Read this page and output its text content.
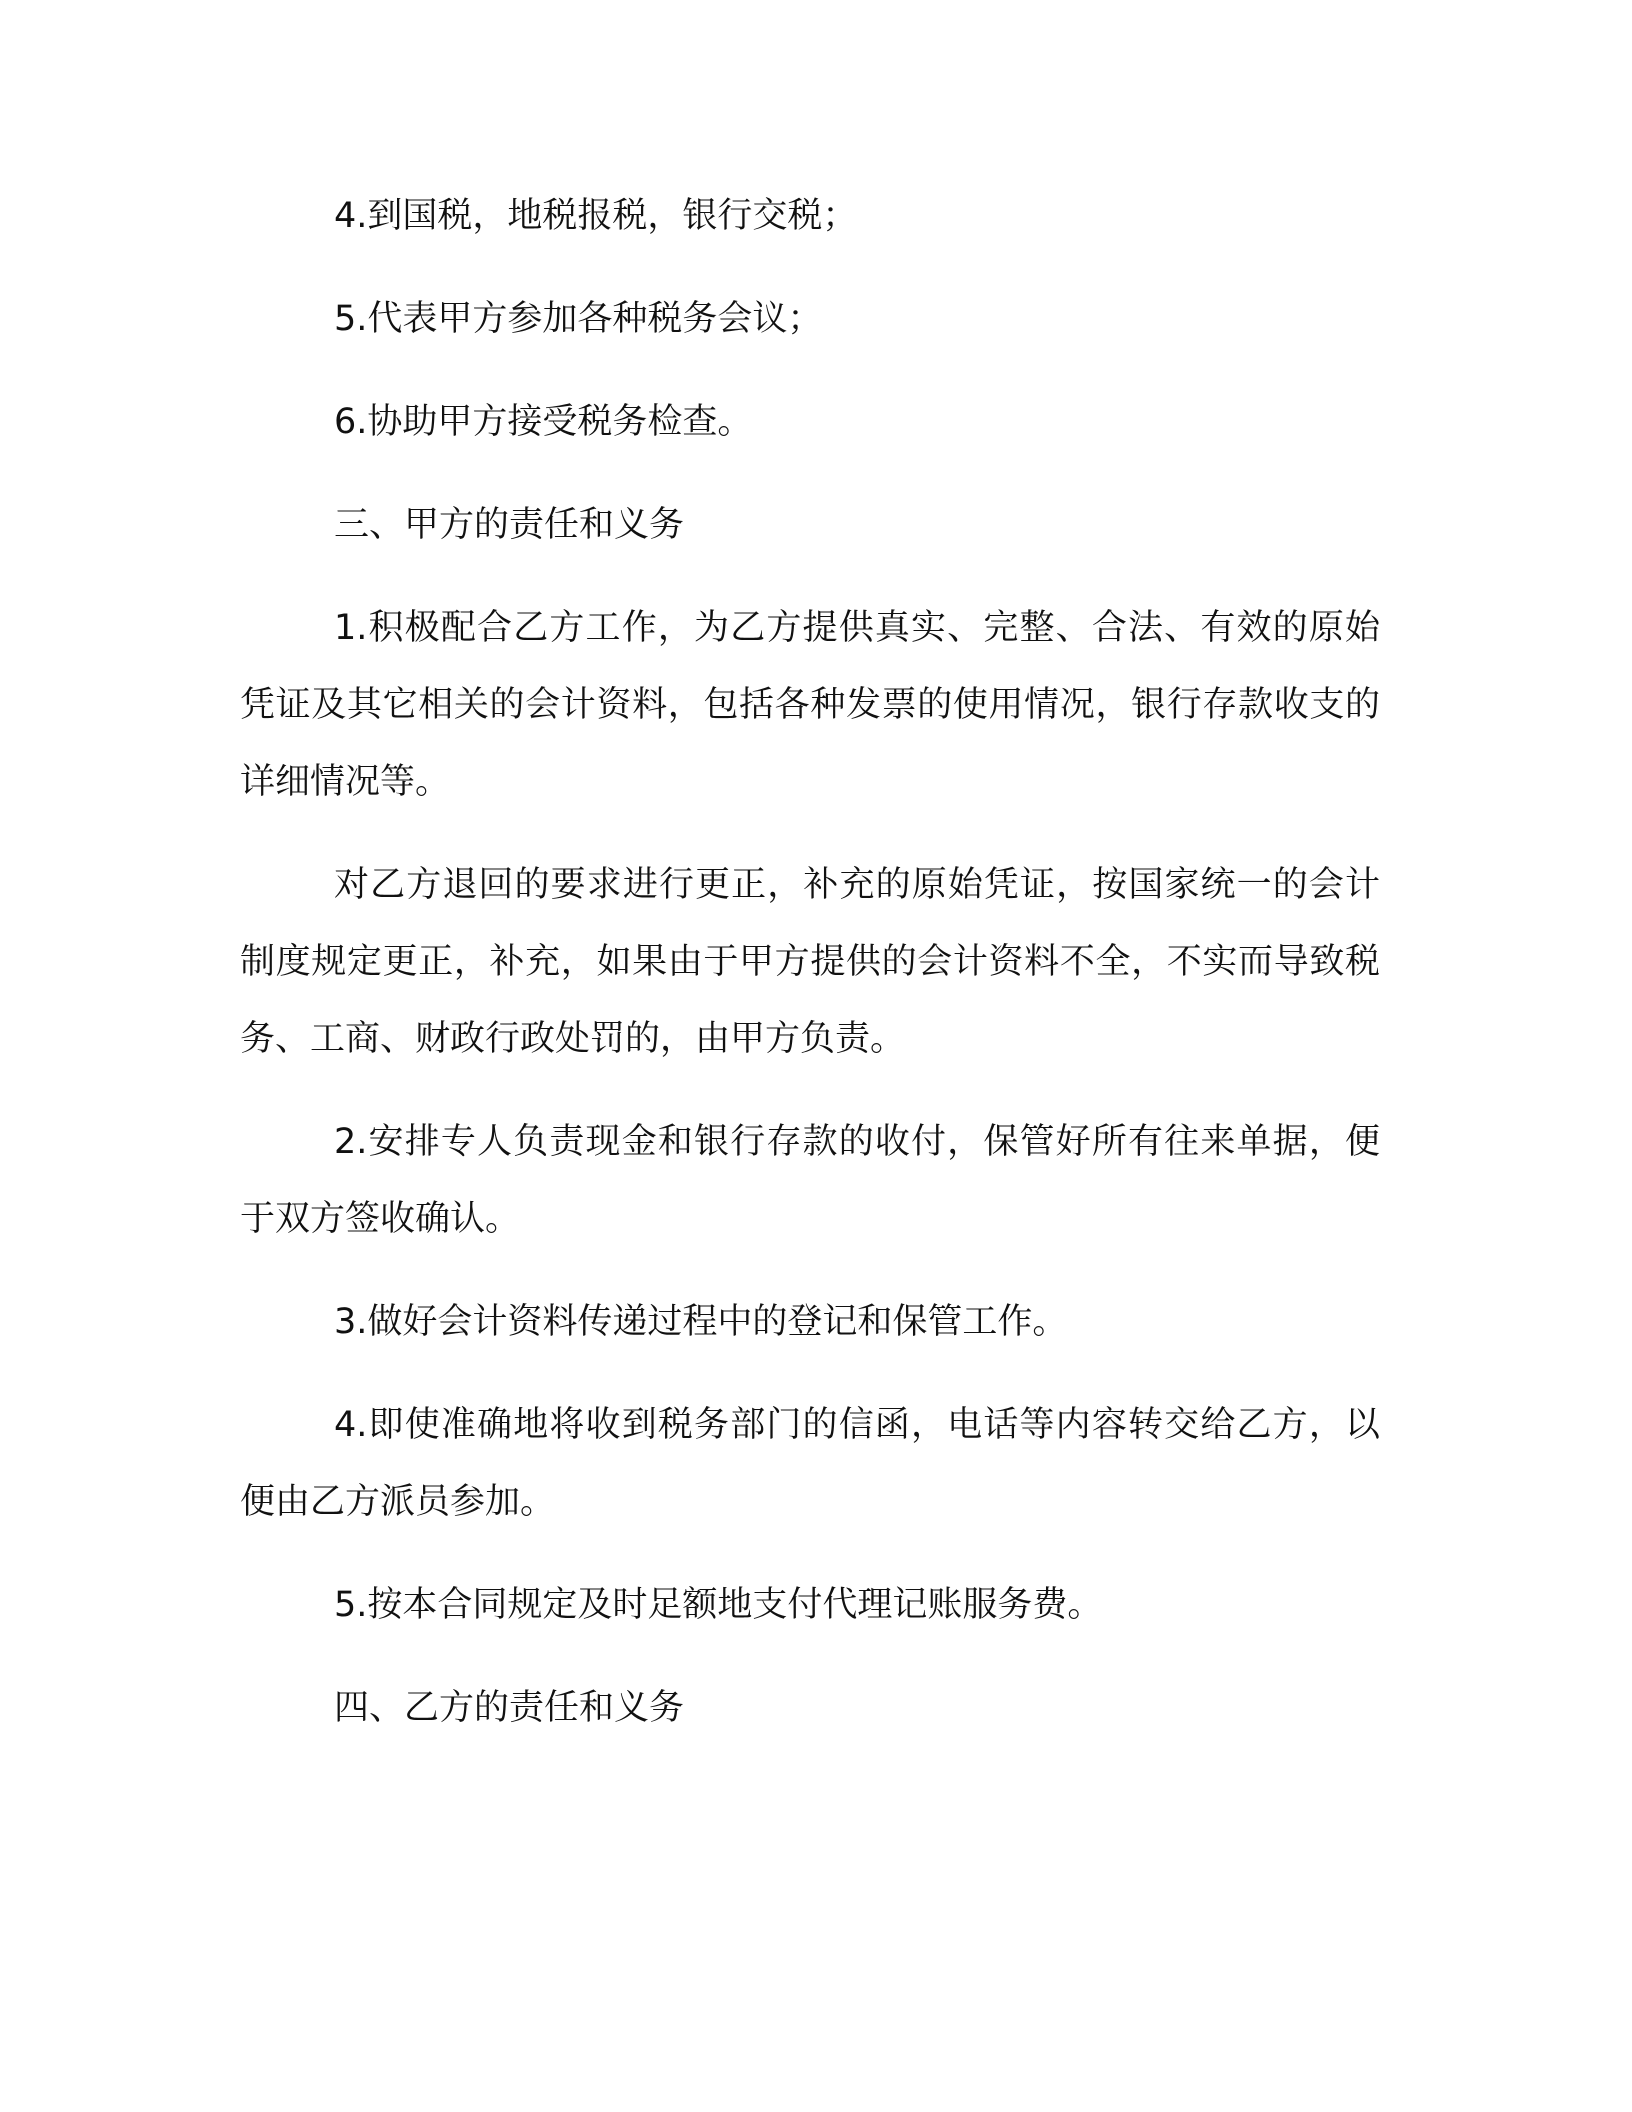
4.到国税，地税报税，银行交税；

5.代表甲方参加各种税务会议；

6.协助甲方接受税务检查。

三、甲方的责任和义务

1.积极配合乙方工作，为乙方提供真实、完整、合法、有效的原始凭证及其它相关的会计资料，包括各种发票的使用情况，银行存款收支的详细情况等。

对乙方退回的要求进行更正，补充的原始凭证，按国家统一的会计制度规定更正，补充，如果由于甲方提供的会计资料不全，不实而导致税务、工商、财政行政处罚的，由甲方负责。

2.安排专人负责现金和银行存款的收付，保管好所有往来单据，便于双方签收确认。

3.做好会计资料传递过程中的登记和保管工作。

4.即使准确地将收到税务部门的信函，电话等内容转交给乙方，以便由乙方派员参加。

5.按本合同规定及时足额地支付代理记账服务费。

四、乙方的责任和义务
